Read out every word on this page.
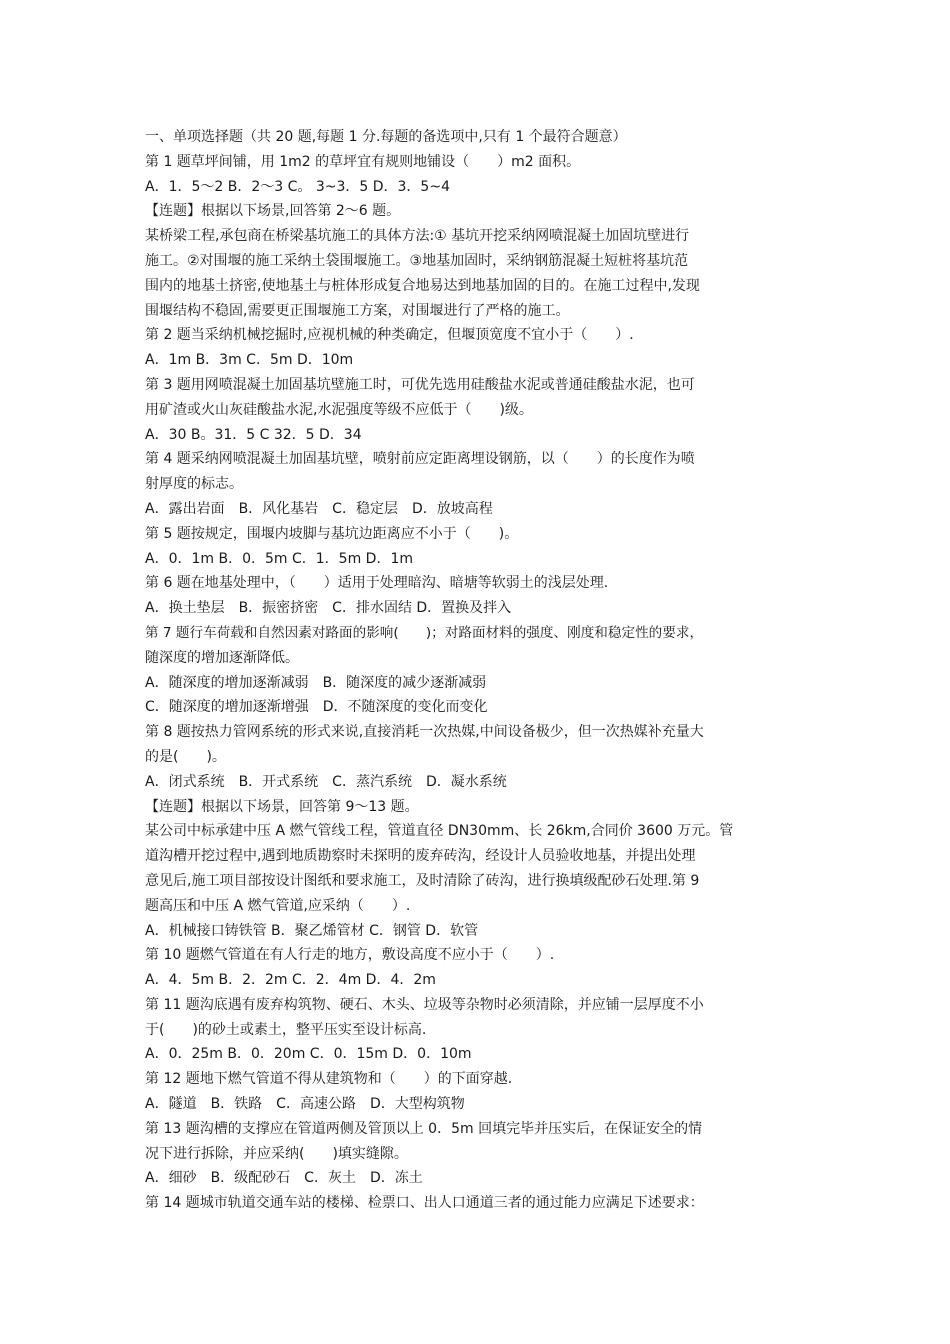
一、单项选择题（共 20 题,每题 1 分.每题的备选项中,只有 1 个最符合题意）
第 1 题草坪间铺，用 1m2 的草坪宜有规则地铺设（　　）m2 面积。
A．1．5～2 B．2～3 C。 3~3．5 D．3．5~4
【连题】根据以下场景,回答第 2～6 题。
某桥梁工程,承包商在桥梁基坑施工的具体方法:① 基坑开挖采纳网喷混凝土加固坑壁进行
施工。②对围堰的施工采纳土袋围堰施工。③地基加固时，采纳钢筋混凝土短桩将基坑范
围内的地基土挤密,使地基土与桩体形成复合地易达到地基加固的目的。在施工过程中,发现
围堰结构不稳固,需要更正围堰施工方案，对围堰进行了严格的施工。
第 2 题当采纳机械挖掘时,应视机械的种类确定，但堰顶宽度不宜小于（　　）.
A．1m B．3m C．5m D．10m
第 3 题用网喷混凝土加固基坑壁施工时，可优先选用硅酸盐水泥或普通硅酸盐水泥，也可
用矿渣或火山灰硅酸盐水泥,水泥强度等级不应低于（　　)级。
A．30 B。31．5 C 32．5 D．34
第 4 题采纳网喷混凝土加固基坑壁，喷射前应定距离埋设钢筋，以（　　）的长度作为喷
射厚度的标志。
A．露出岩面　B．风化基岩　C．稳定层　D．放坡高程
第 5 题按规定，围堰内坡脚与基坑边距离应不小于（　　)。
A．0．1m B．0．5m C．1．5m D．1m
第 6 题在地基处理中，（　　）适用于处理暗沟、暗塘等软弱土的浅层处理.
A．换土垫层　B．振密挤密　C．排水固结 D．置换及拌入
第 7 题行车荷载和自然因素对路面的影响(　　)；对路面材料的强度、刚度和稳定性的要求，
随深度的增加逐渐降低。
A．随深度的增加逐渐减弱　B．随深度的减少逐渐减弱
C．随深度的增加逐渐增强　D．不随深度的变化而变化
第 8 题按热力管网系统的形式来说,直接消耗一次热媒,中间设备极少，但一次热媒补充量大
的是(　　)。
A．闭式系统　B．开式系统　C．蒸汽系统　D．凝水系统
【连题】根据以下场景，回答第 9～13 题。
某公司中标承建中压 A 燃气管线工程，管道直径 DN30mm、长 26km,合同价 3600 万元。管
道沟槽开挖过程中,遇到地质勘察时未探明的废弃砖沟，经设计人员验收地基，并提出处理
意见后,施工项目部按设计图纸和要求施工，及时清除了砖沟，进行换填级配砂石处理.第 9
题高压和中压 A 燃气管道,应采纳（　　）.
A．机械接口铸铁管 B．聚乙烯管材 C．钢管 D．软管
第 10 题燃气管道在有人行走的地方，敷设高度不应小于（　　）.
A．4．5m B．2．2m C．2．4m D．4．2m
第 11 题沟底遇有废弃构筑物、硬石、木头、垃圾等杂物时必须清除，并应铺一层厚度不小
于(　　)的砂土或素土，整平压实至设计标高.
A．0．25m B．0．20m C．0．15m D．0．10m
第 12 题地下燃气管道不得从建筑物和（　　）的下面穿越.
A．隧道　B．铁路　C．高速公路　D．大型构筑物
第 13 题沟槽的支撑应在管道两侧及管顶以上 0．5m 回填完毕并压实后，在保证安全的情
况下进行拆除，并应采纳(　　)填实缝隙。
A．细砂　B．级配砂石　C．灰土　D．冻土
第 14 题城市轨道交通车站的楼梯、检票口、出人口通道三者的通过能力应满足下述要求：
